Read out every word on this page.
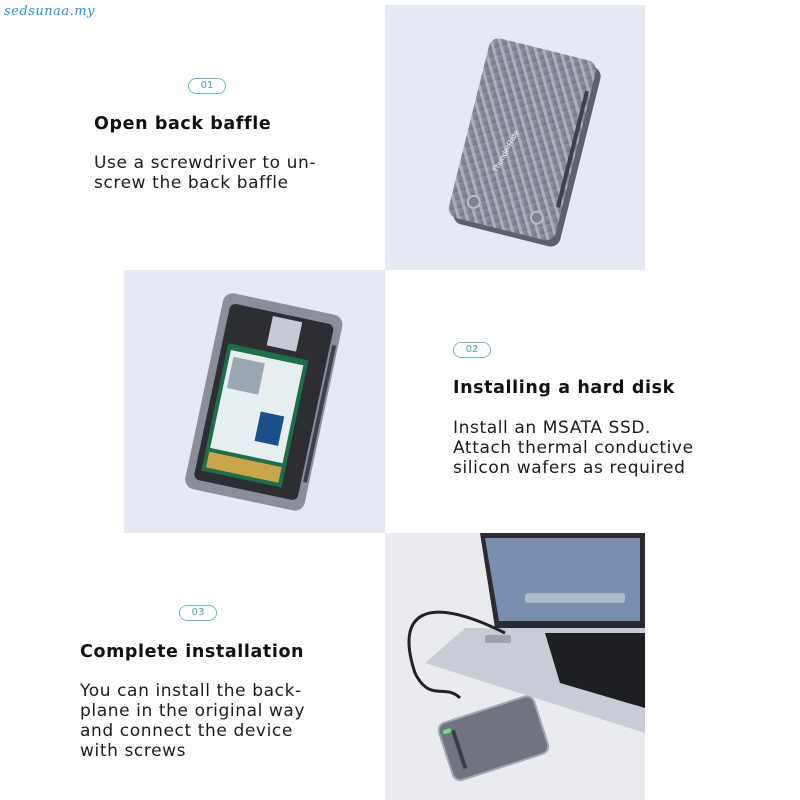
sedsunaa.my
ThunderRate
01
Open back baffle
Use a screwdriver to un-
screw the back baffle
02
Installing a hard disk
Install an MSATA SSD.
Attach thermal conductive
silicon wafers as required
03
Complete installation
You can install the back-
plane in the original way
and connect the device
with screws
